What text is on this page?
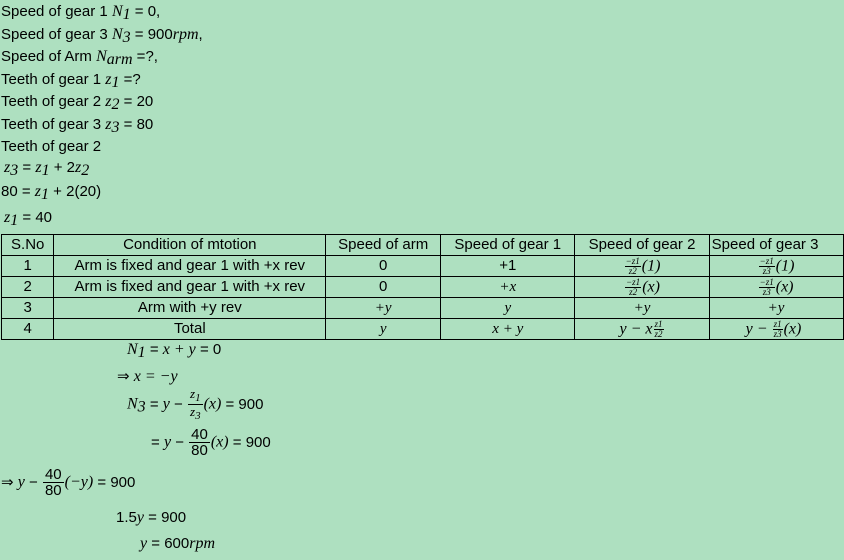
Speed of gear 1 $N_1 = 0$,
Speed of gear 3 $N_3 = 900rpm$,
Speed of Arm $N_{arm}$ =?,
Teeth of gear 1 $z_1$ =?
Teeth of gear 2 $z_2 = 20$
Teeth of gear 3 $z_3 = 80$
Teeth of gear 2
$z_3 = z_1 + 2z_2$
$80 = z_1 + 2(20)$
$z_1 = 40$
S.No	Condition of mtotion	Speed of arm	Speed of gear 1	Speed of gear 2	Speed of gear 3
1	Arm is fixed and gear 1 with +x rev	0	+1	$\frac{-z1}{z2} (1)$	$\frac{-z1}{z3} (1)$
2	Arm is fixed and gear 1 with +x rev	0	+x	$\frac{-z1}{z2} (x)$	$\frac{-z1}{z3} (x)$
3	Arm with +y rev	+y	y	+y	+y
4	Total	y	x + y	y − x $\frac{z1}{z2}$	$y - \frac{z1}{z3} (x)$
$N_1 = x + y = 0$
⇒ x = −y
$N_3 = y - \frac{z_1}{z_3} (x) = 900$
= $y - \frac{40}{80} (x) = 900$
⇒ $y - \frac{40}{80} (-y) = 900$
1.5y = 900
y = 600rpm
